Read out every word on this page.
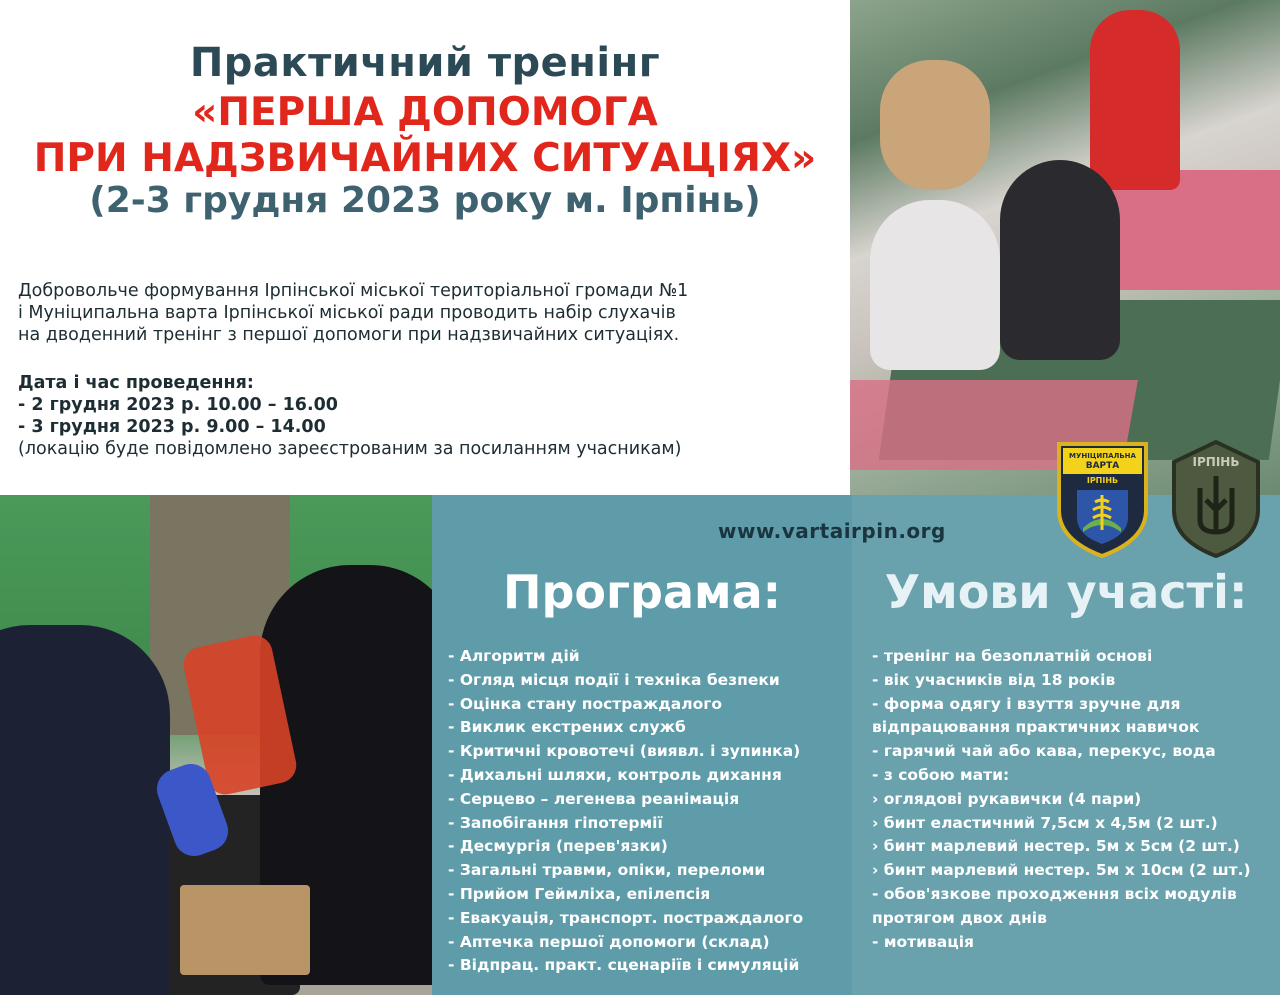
Практичний тренінг
«ПЕРША ДОПОМОГА
ПРИ НАДЗВИЧАЙНИХ СИТУАЦІЯХ»
(2-3 грудня 2023 року м. Ірпінь)
Добровольче формування Ірпінської міської територіальної громади №1
і Муніципальна варта Ірпінської міської ради проводить набір слухачів
на дводенний тренінг з першої допомоги при надзвичайних ситуаціях.
Дата і час проведення:
- 2 грудня 2023 р. 10.00 – 16.00
- 3 грудня 2023 р. 9.00 – 14.00
(локацію буде повідомлено зареєстрованим за посиланням учасникам)	МУНІЦИПАЛЬНА
ВАРТА
ІРПІНЬ
ІРПІНЬ
www.vartairpin.org
Програма:	Умови участі:
- Алгоритм дій
- Огляд місця події і техніка безпеки
- Оцінка стану постраждалого
- Виклик екстрених служб
- Критичні кровотечі (виявл. і зупинка)
- Дихальні шляхи, контроль дихання
- Серцево – легенева реанімація
- Запобігання гіпотермії
- Десмургія (перев'язки)
- Загальні травми, опіки, переломи
- Прийом Геймліха, епілепсія
- Евакуація, транспорт. постраждалого
- Аптечка першої допомоги (склад)
- Відпрац. практ. сценаріїв і симуляцій
- тренінг на безоплатній основі
- вік учасників від 18 років
- форма одягу і взуття зручне для
відпрацювання практичних навичок
- гарячий чай або кава, перекус, вода
- з собою мати:
› оглядові рукавички (4 пари)
› бинт еластичний 7,5см х 4,5м (2 шт.)
› бинт марлевий нестер. 5м х 5см (2 шт.)
› бинт марлевий нестер. 5м х 10см (2 шт.)
- обов'язкове проходження всіх модулів
протягом двох днів
- мотивація
